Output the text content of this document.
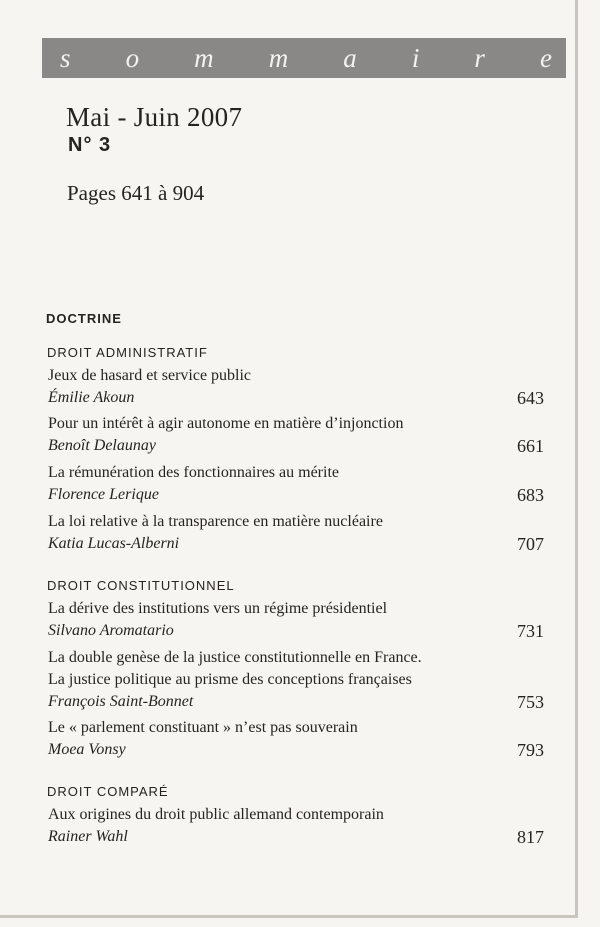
s o m m a i r e
Mai - Juin 2007
N° 3
Pages 641 à 904
DOCTRINE
DROIT ADMINISTRATIF
Jeux de hasard et service public
Émilie Akoun	643
Pour un intérêt à agir autonome en matière d’injonction
Benoît Delaunay	661
La rémunération des fonctionnaires au mérite
Florence Lerique	683
La loi relative à la transparence en matière nucléaire
Katia Lucas-Alberni	707
DROIT CONSTITUTIONNEL
La dérive des institutions vers un régime présidentiel
Silvano Aromatario	731
La double genèse de la justice constitutionnelle en France.
La justice politique au prisme des conceptions françaises
François Saint-Bonnet	753
Le « parlement constituant » n’est pas souverain
Moea Vonsy	793
DROIT COMPARÉ
Aux origines du droit public allemand contemporain
Rainer Wahl	817
